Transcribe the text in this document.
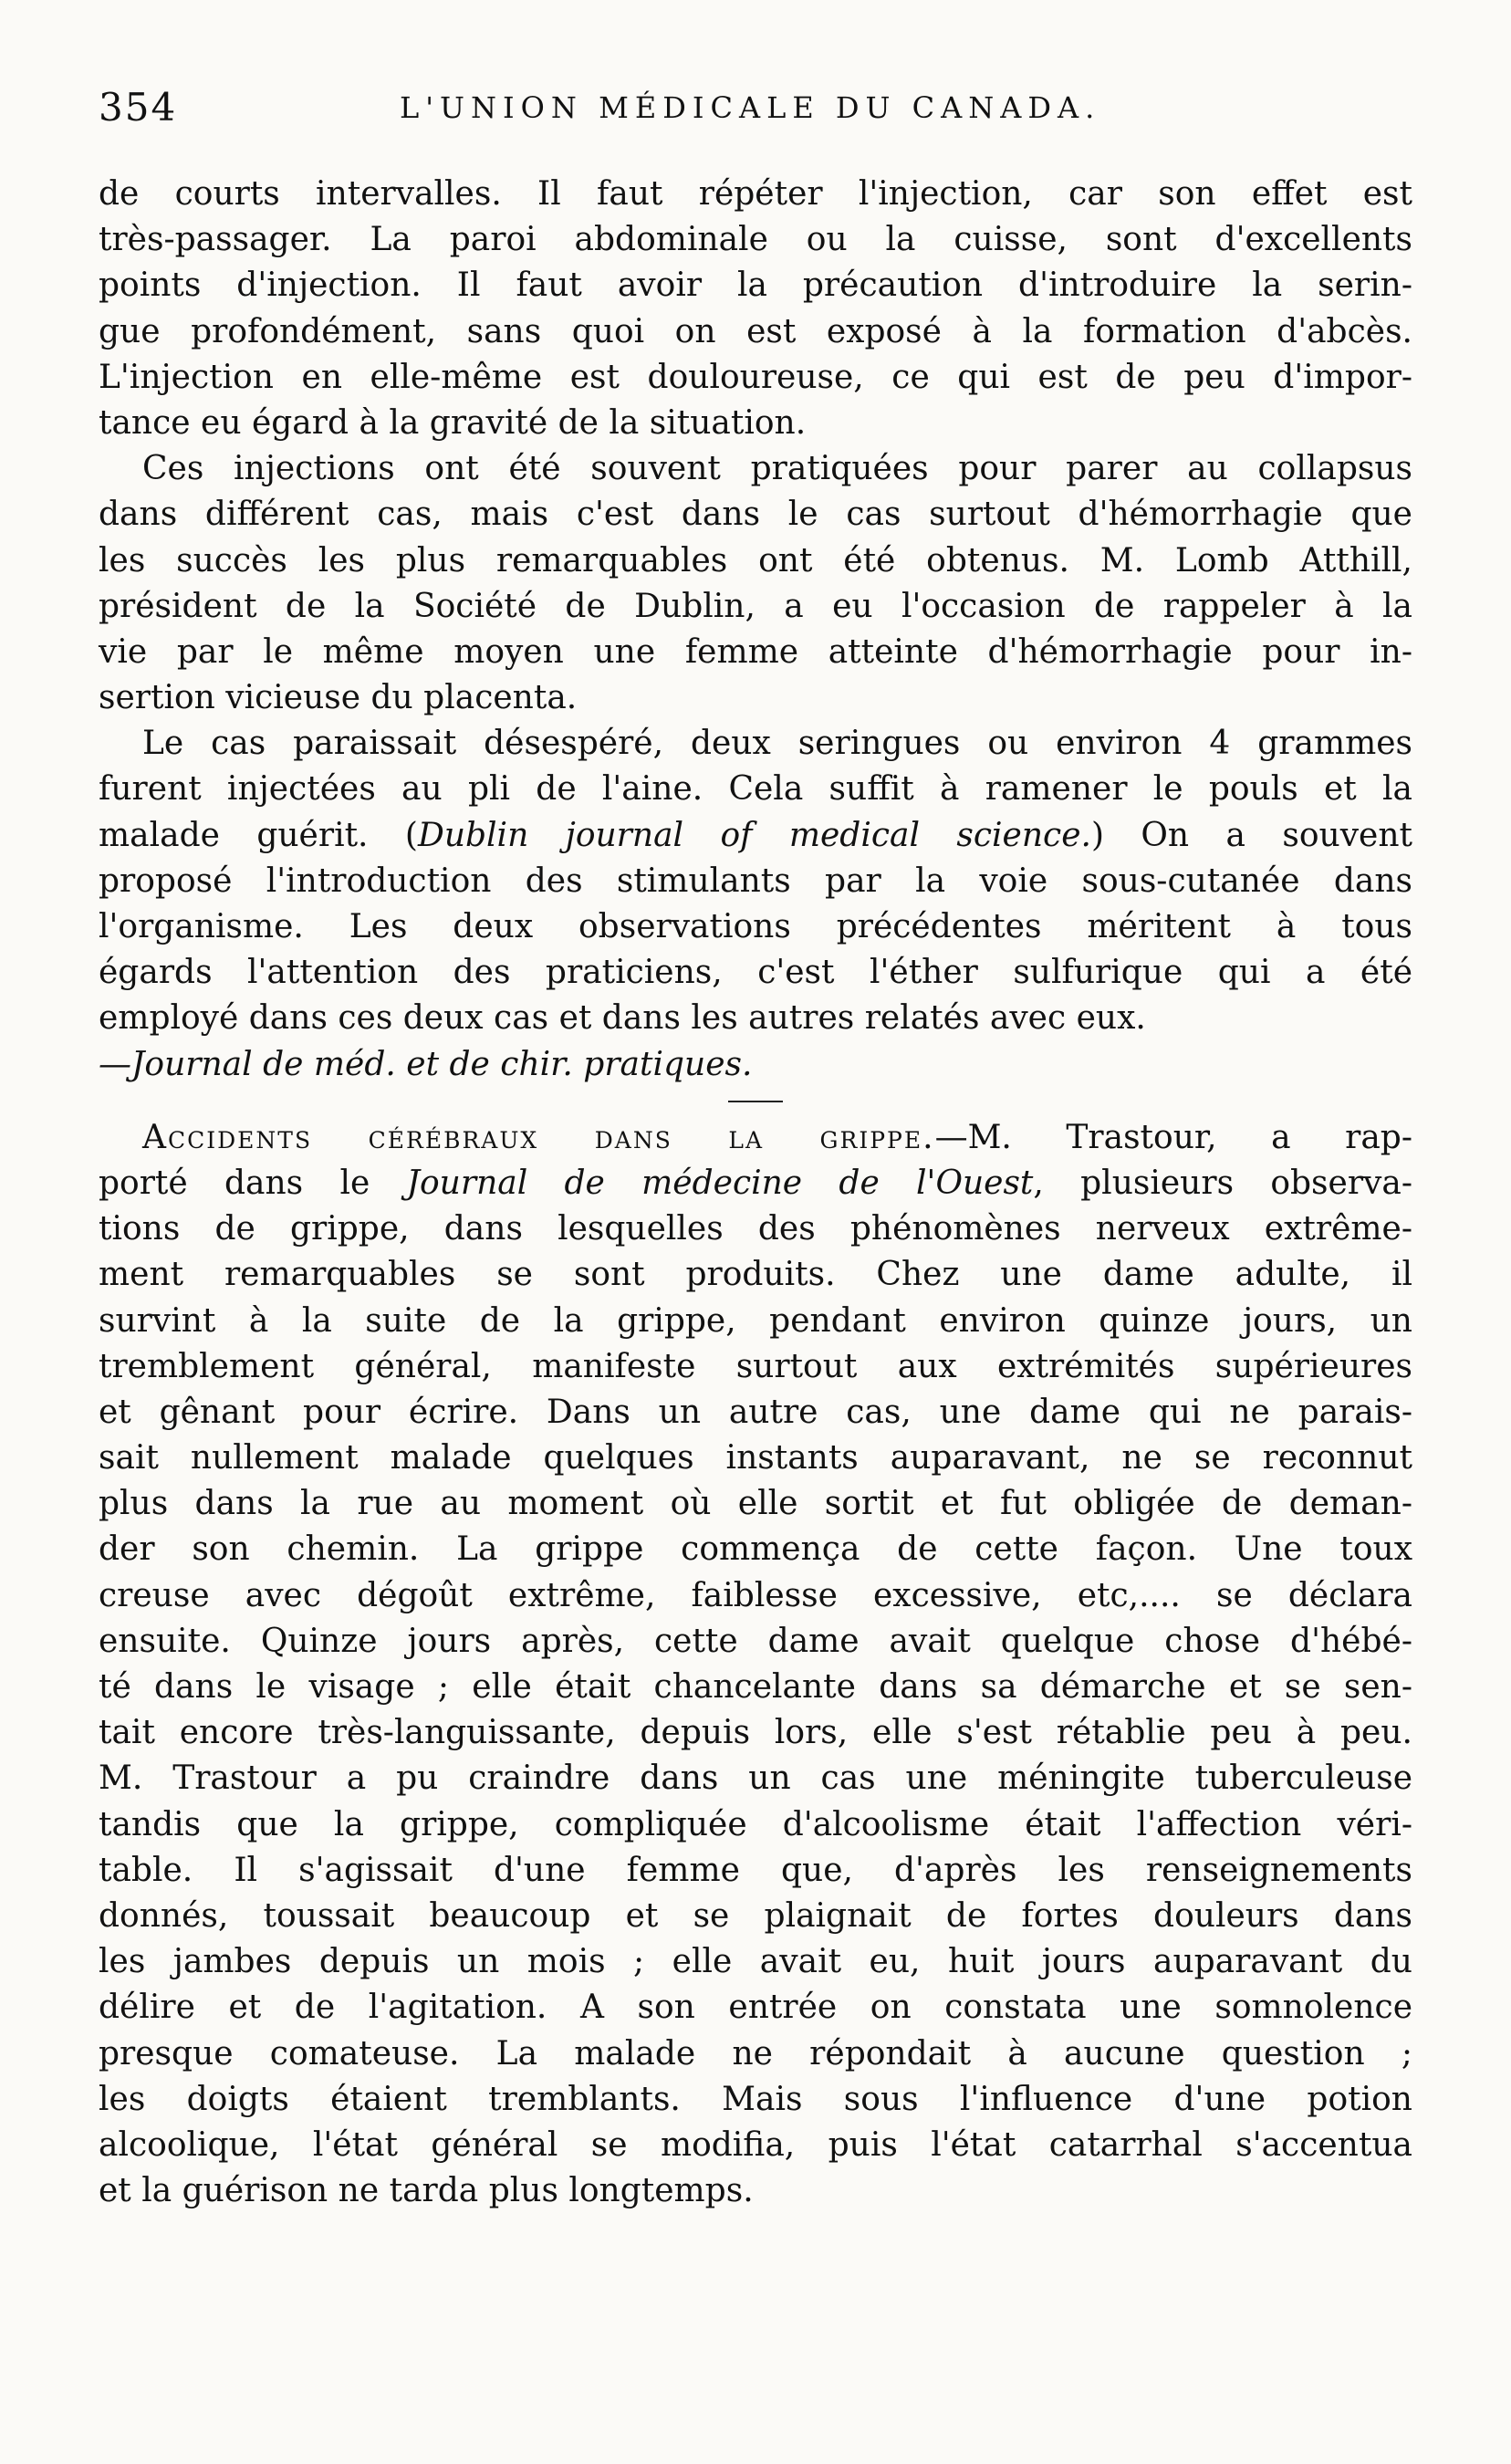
354	L'UNION MÉDICALE DU CANADA.
de courts intervalles. Il faut répéter l'injection, car son effet est
très-passager. La paroi abdominale ou la cuisse, sont d'excellents
points d'injection. Il faut avoir la précaution d'introduire la serin-
gue profondément, sans quoi on est exposé à la formation d'abcès.
L'injection en elle-même est douloureuse, ce qui est de peu d'impor-
tance eu égard à la gravité de la situation.
Ces injections ont été souvent pratiquées pour parer au collapsus
dans différent cas, mais c'est dans le cas surtout d'hémorrhagie que
les succès les plus remarquables ont été obtenus. M. Lomb Atthill,
président de la Société de Dublin, a eu l'occasion de rappeler à la
vie par le même moyen une femme atteinte d'hémorrhagie pour in-
sertion vicieuse du placenta.
Le cas paraissait désespéré, deux seringues ou environ 4 grammes
furent injectées au pli de l'aine. Cela suffit à ramener le pouls et la
malade guérit. (Dublin journal of medical science.) On a souvent
proposé l'introduction des stimulants par la voie sous-cutanée dans
l'organisme. Les deux observations précédentes méritent à tous
égards l'attention des praticiens, c'est l'éther sulfurique qui a été
employé dans ces deux cas et dans les autres relatés avec eux.
—Journal de méd. et de chir. pratiques.
Accidents cérébraux dans la grippe.—M. Trastour, a rap-
porté dans le Journal de médecine de l'Ouest, plusieurs observa-
tions de grippe, dans lesquelles des phénomènes nerveux extrême-
ment remarquables se sont produits. Chez une dame adulte, il
survint à la suite de la grippe, pendant environ quinze jours, un
tremblement général, manifeste surtout aux extrémités supérieures
et gênant pour écrire. Dans un autre cas, une dame qui ne parais-
sait nullement malade quelques instants auparavant, ne se reconnut
plus dans la rue au moment où elle sortit et fut obligée de deman-
der son chemin. La grippe commença de cette façon. Une toux
creuse avec dégoût extrême, faiblesse excessive, etc,.... se déclara
ensuite. Quinze jours après, cette dame avait quelque chose d'hébé-
té dans le visage ; elle était chancelante dans sa démarche et se sen-
tait encore très-languissante, depuis lors, elle s'est rétablie peu à peu.
M. Trastour a pu craindre dans un cas une méningite tuberculeuse
tandis que la grippe, compliquée d'alcoolisme était l'affection véri-
table. Il s'agissait d'une femme que, d'après les renseignements
donnés, toussait beaucoup et se plaignait de fortes douleurs dans
les jambes depuis un mois ; elle avait eu, huit jours auparavant du
délire et de l'agitation. A son entrée on constata une somnolence
presque comateuse. La malade ne répondait à aucune question ;
les doigts étaient tremblants. Mais sous l'influence d'une potion
alcoolique, l'état général se modifia, puis l'état catarrhal s'accentua
et la guérison ne tarda plus longtemps.
